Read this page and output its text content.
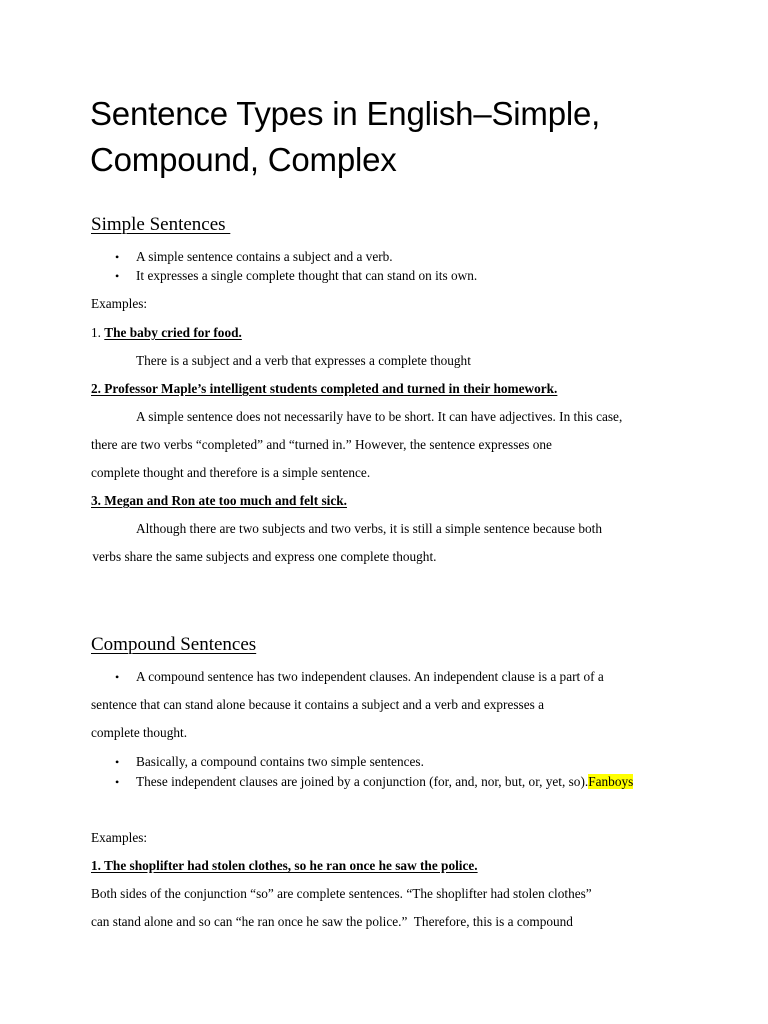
Sentence Types in English–Simple,
Compound, Complex
Simple Sentences
• A simple sentence contains a subject and a verb.
• It expresses a single complete thought that can stand on its own.
Examples:
1. The baby cried for food.
There is a subject and a verb that expresses a complete thought
2. Professor Maple’s intelligent students completed and turned in their homework.
A simple sentence does not necessarily have to be short. It can have adjectives. In this case,
there are two verbs “completed” and “turned in.” However, the sentence expresses one
complete thought and therefore is a simple sentence.
3. Megan and Ron ate too much and felt sick.
Although there are two subjects and two verbs, it is still a simple sentence because both
verbs share the same subjects and express one complete thought.
Compound Sentences
• A compound sentence has two independent clauses. An independent clause is a part of a
sentence that can stand alone because it contains a subject and a verb and expresses a
complete thought.
• Basically, a compound contains two simple sentences.
• These independent clauses are joined by a conjunction (for, and, nor, but, or, yet, so).Fanboys
Examples:
1. The shoplifter had stolen clothes, so he ran once he saw the police.
Both sides of the conjunction “so” are complete sentences. “The shoplifter had stolen clothes”
can stand alone and so can “he ran once he saw the police.”  Therefore, this is a compound
